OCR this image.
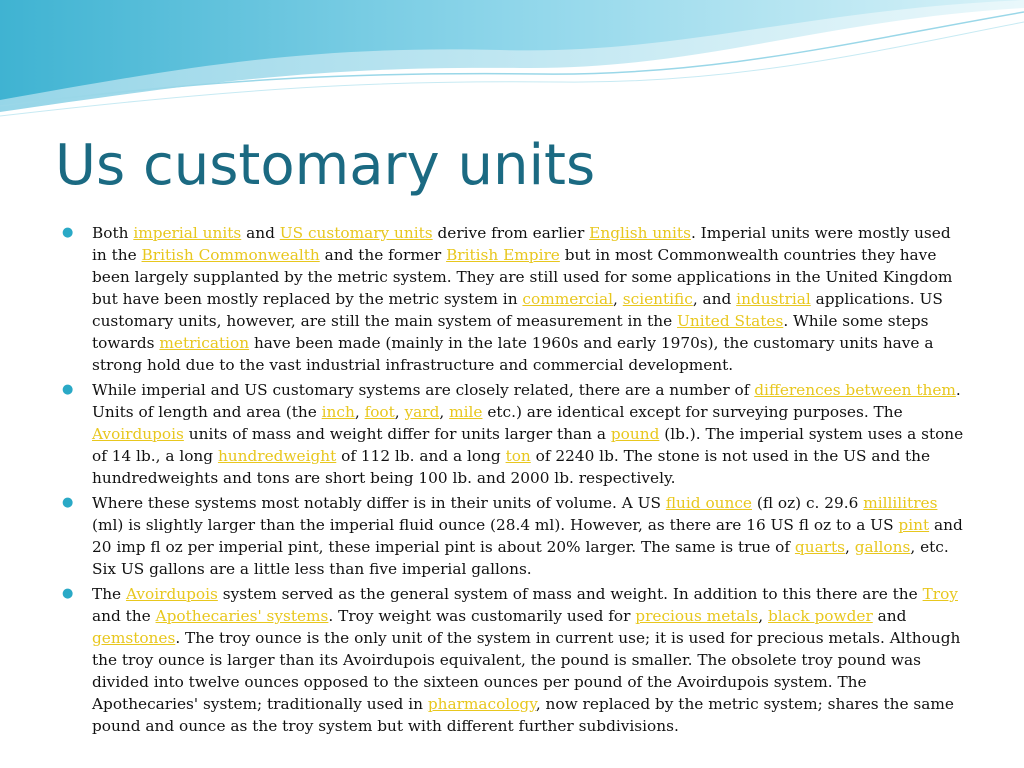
Us customary units
● Both imperial units and US customary units derive from earlier English units. Imperial units were mostly used in the British Commonwealth and the former British Empire but in most Commonwealth countries they have been largely supplanted by the metric system. They are still used for some applications in the United Kingdom but have been mostly replaced by the metric system in commercial, scientific, and industrial applications. US customary units, however, are still the main system of measurement in the United States. While some steps towards metrication have been made (mainly in the late 1960s and early 1970s), the customary units have a strong hold due to the vast industrial infrastructure and commercial development.
● While imperial and US customary systems are closely related, there are a number of differences between them. Units of length and area (the inch, foot, yard, mile etc.) are identical except for surveying purposes. The Avoirdupois units of mass and weight differ for units larger than a pound (lb.). The imperial system uses a stone of 14 lb., a long hundredweight of 112 lb. and a long ton of 2240 lb. The stone is not used in the US and the hundredweights and tons are short being 100 lb. and 2000 lb. respectively.
● Where these systems most notably differ is in their units of volume. A US fluid ounce (fl oz) c. 29.6 millilitres (ml) is slightly larger than the imperial fluid ounce (28.4 ml). However, as there are 16 US fl oz to a US pint and 20 imp fl oz per imperial pint, these imperial pint is about 20% larger. The same is true of quarts, gallons, etc. Six US gallons are a little less than five imperial gallons.
● The Avoirdupois system served as the general system of mass and weight. In addition to this there are the Troy and the Apothecaries' systems. Troy weight was customarily used for precious metals, black powder and gemstones. The troy ounce is the only unit of the system in current use; it is used for precious metals. Although the troy ounce is larger than its Avoirdupois equivalent, the pound is smaller. The obsolete troy pound was divided into twelve ounces opposed to the sixteen ounces per pound of the Avoirdupois system. The Apothecaries' system; traditionally used in pharmacology, now replaced by the metric system; shares the same pound and ounce as the troy system but with different further subdivisions.
